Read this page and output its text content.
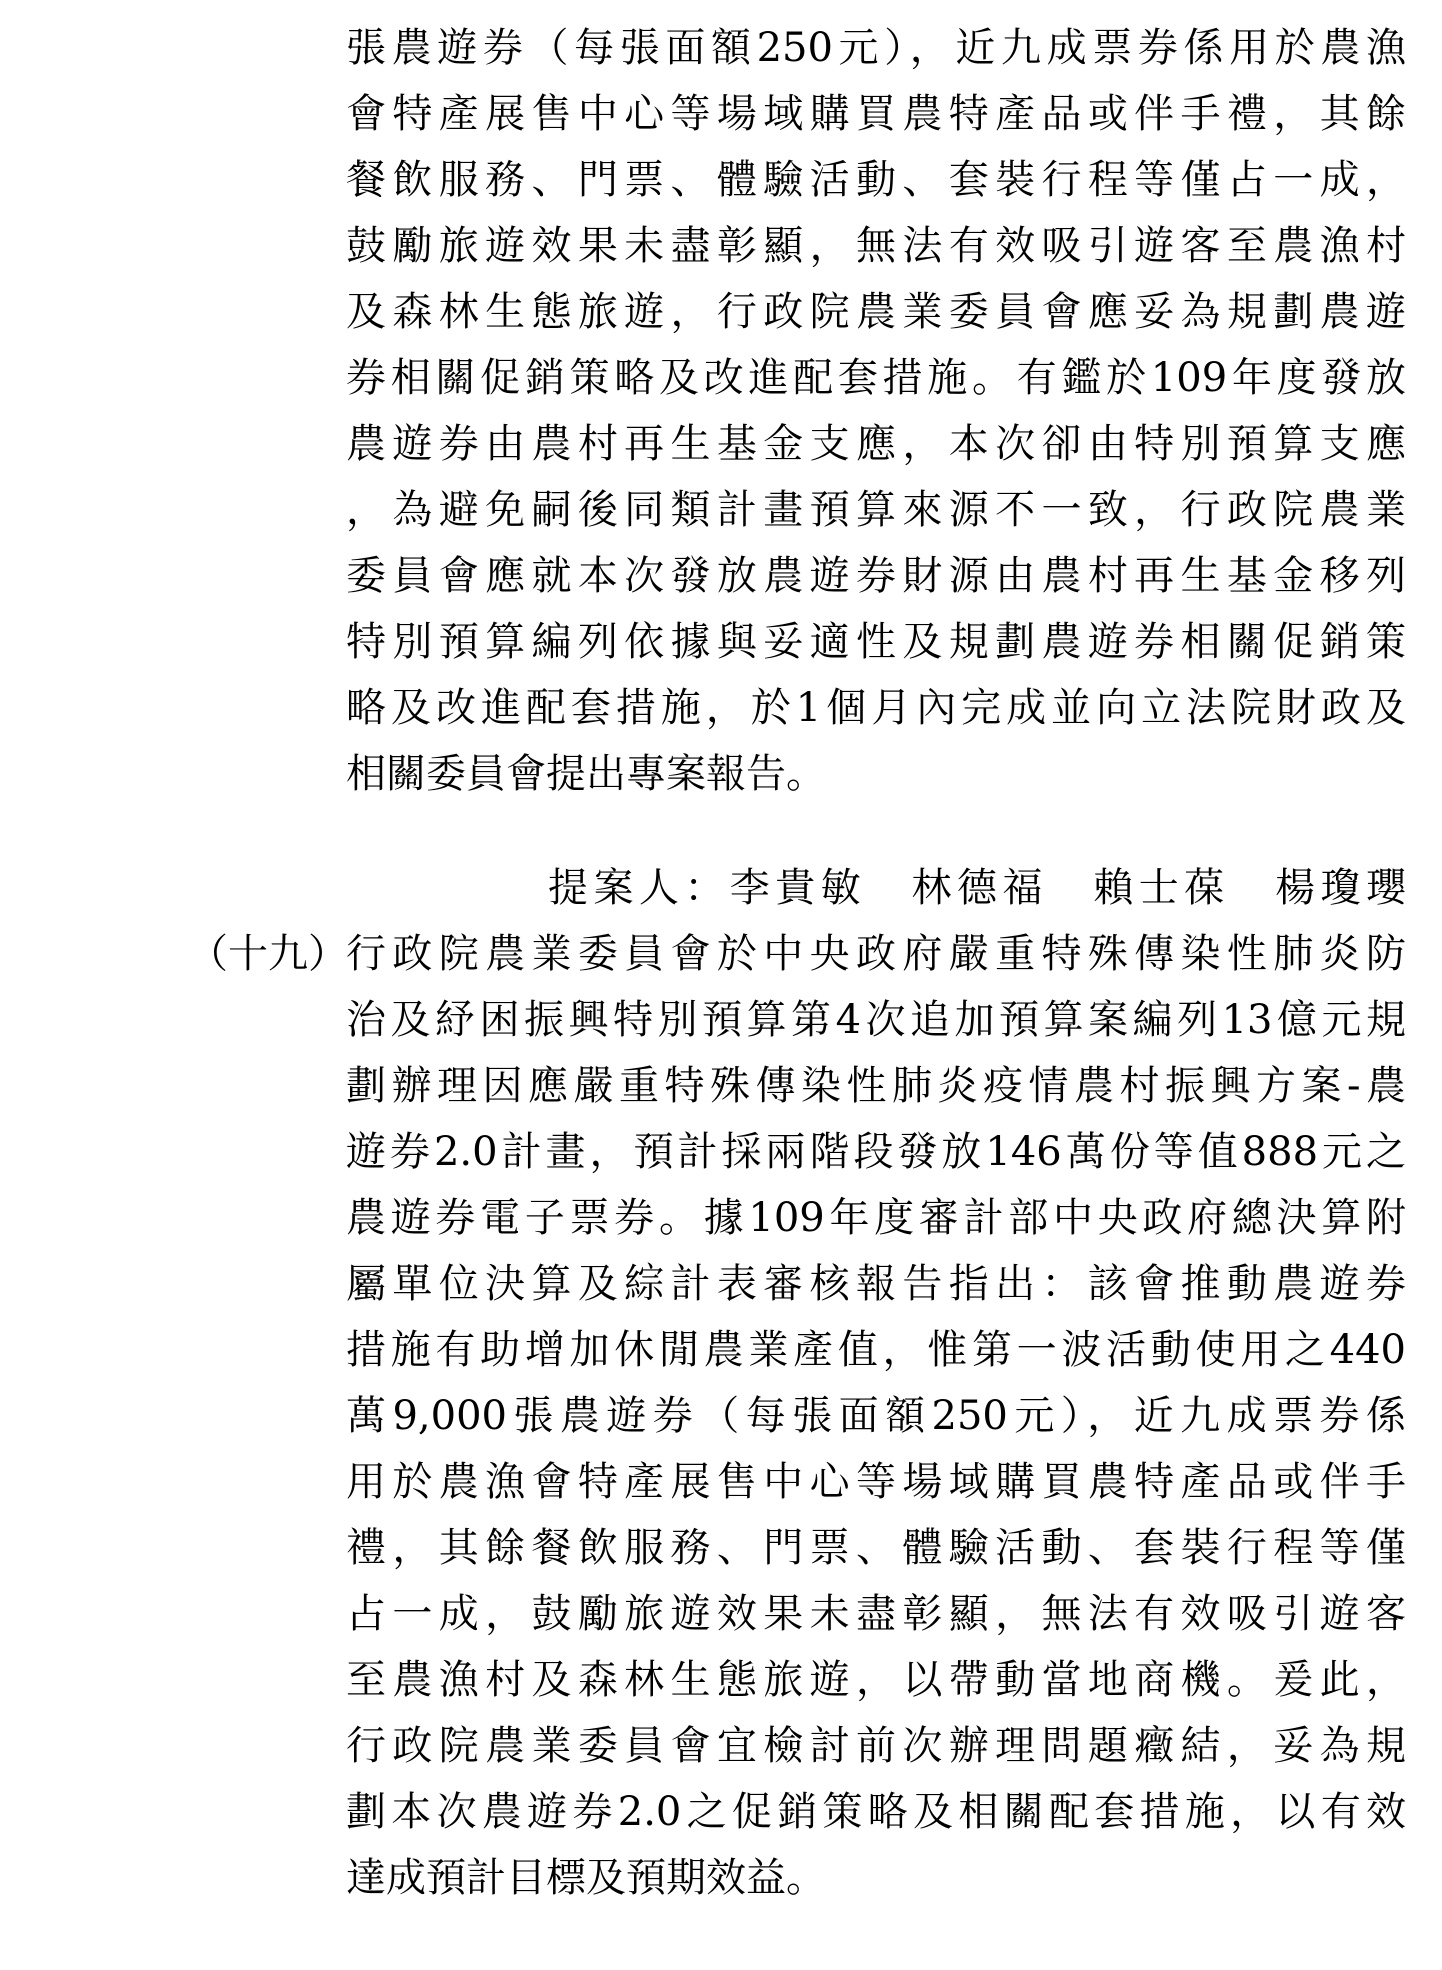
張農遊券（每張面額250元），近九成票券係用於農漁
會特產展售中心等場域購買農特產品或伴手禮，其餘
餐飲服務、門票、體驗活動、套裝行程等僅占一成，
鼓勵旅遊效果未盡彰顯，無法有效吸引遊客至農漁村
及森林生態旅遊，行政院農業委員會應妥為規劃農遊
券相關促銷策略及改進配套措施。有鑑於109年度發放
農遊券由農村再生基金支應，本次卻由特別預算支應
，為避免嗣後同類計畫預算來源不一致，行政院農業
委員會應就本次發放農遊券財源由農村再生基金移列
特別預算編列依據與妥適性及規劃農遊券相關促銷策
略及改進配套措施，於1個月內完成並向立法院財政及
相關委員會提出專案報告。
提案人：李貴敏　林德福　賴士葆　楊瓊瓔
（十九）
行政院農業委員會於中央政府嚴重特殊傳染性肺炎防
治及紓困振興特別預算第4次追加預算案編列13億元規
劃辦理因應嚴重特殊傳染性肺炎疫情農村振興方案-農
遊券2.0計畫，預計採兩階段發放146萬份等值888元之
農遊券電子票券。據109年度審計部中央政府總決算附
屬單位決算及綜計表審核報告指出：該會推動農遊券
措施有助增加休閒農業產值，惟第一波活動使用之440
萬9,000張農遊券（每張面額250元），近九成票券係
用於農漁會特產展售中心等場域購買農特產品或伴手
禮，其餘餐飲服務、門票、體驗活動、套裝行程等僅
占一成，鼓勵旅遊效果未盡彰顯，無法有效吸引遊客
至農漁村及森林生態旅遊，以帶動當地商機。爰此，
行政院農業委員會宜檢討前次辦理問題癥結，妥為規
劃本次農遊券2.0之促銷策略及相關配套措施，以有效
達成預計目標及預期效益。
